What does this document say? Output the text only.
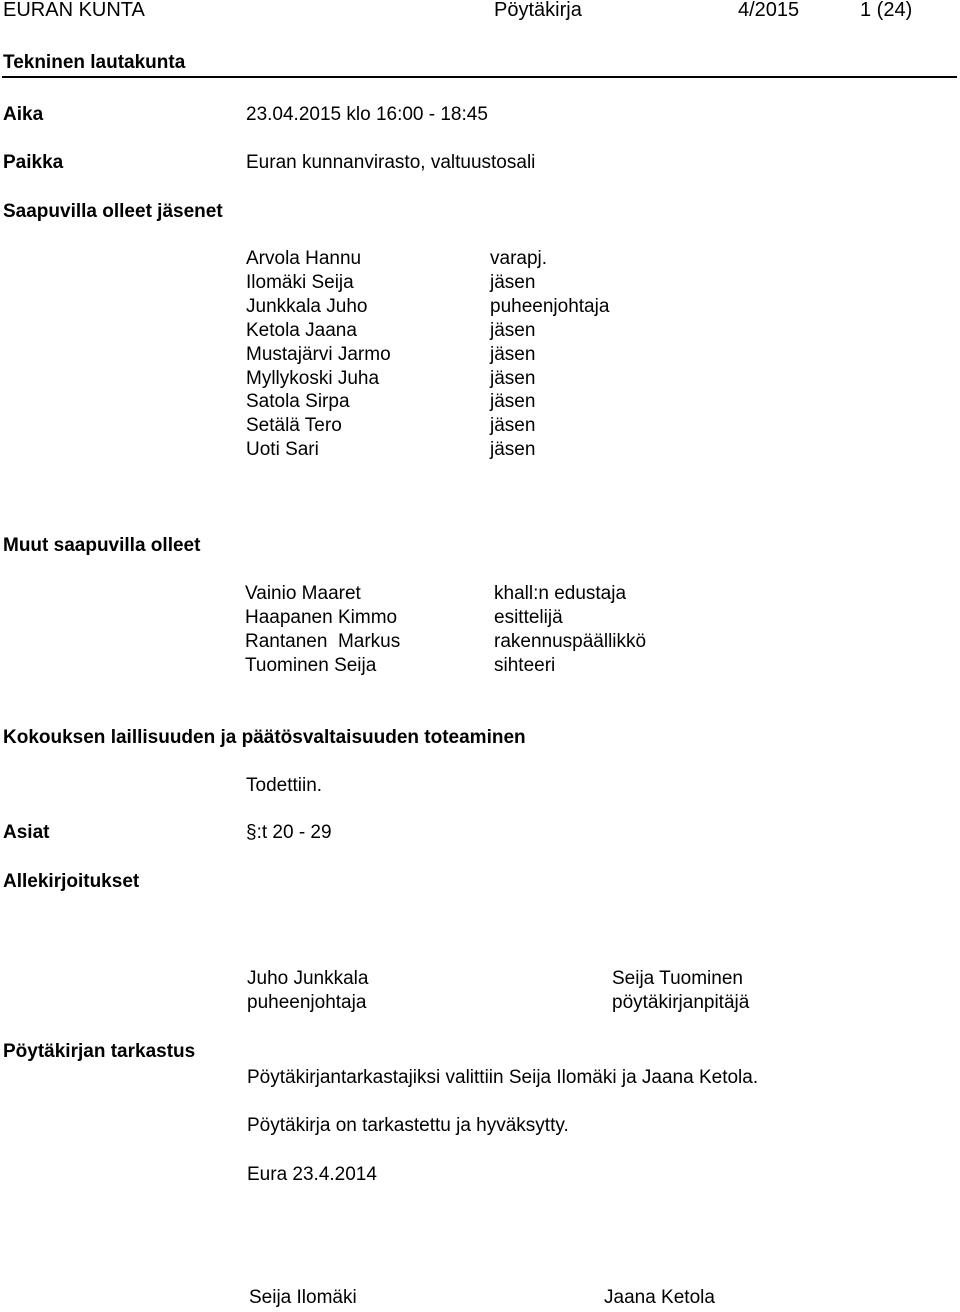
EURAN KUNTA	Pöytäkirja	4/2015	1 (24)
Tekninen lautakunta
Aika	23.04.2015 klo 16:00 - 18:45
Paikka	Euran kunnanvirasto, valtuustosali
Saapuvilla olleet jäsenet
Arvola Hannu	varapj.
Ilomäki Seija	jäsen
Junkkala Juho	puheenjohtaja
Ketola Jaana	jäsen
Mustajärvi Jarmo	jäsen
Myllykoski Juha	jäsen
Satola Sirpa	jäsen
Setälä Tero	jäsen
Uoti Sari	jäsen
Muut saapuvilla olleet
Vainio Maaret	khall:n edustaja
Haapanen Kimmo	esittelijä
Rantanen  Markus	rakennuspäällikkö
Tuominen Seija	sihteeri
Kokouksen laillisuuden ja päätösvaltaisuuden toteaminen
Todettiin.
Asiat	§:t 20 - 29
Allekirjoitukset
Juho Junkkala
puheenjohtaja
Seija Tuominen
pöytäkirjanpitäjä
Pöytäkirjan tarkastus
Pöytäkirjantarkastajiksi valittiin Seija Ilomäki ja Jaana Ketola.
Pöytäkirja on tarkastettu ja hyväksytty.
Eura 23.4.2014
Seija Ilomäki	Jaana Ketola
